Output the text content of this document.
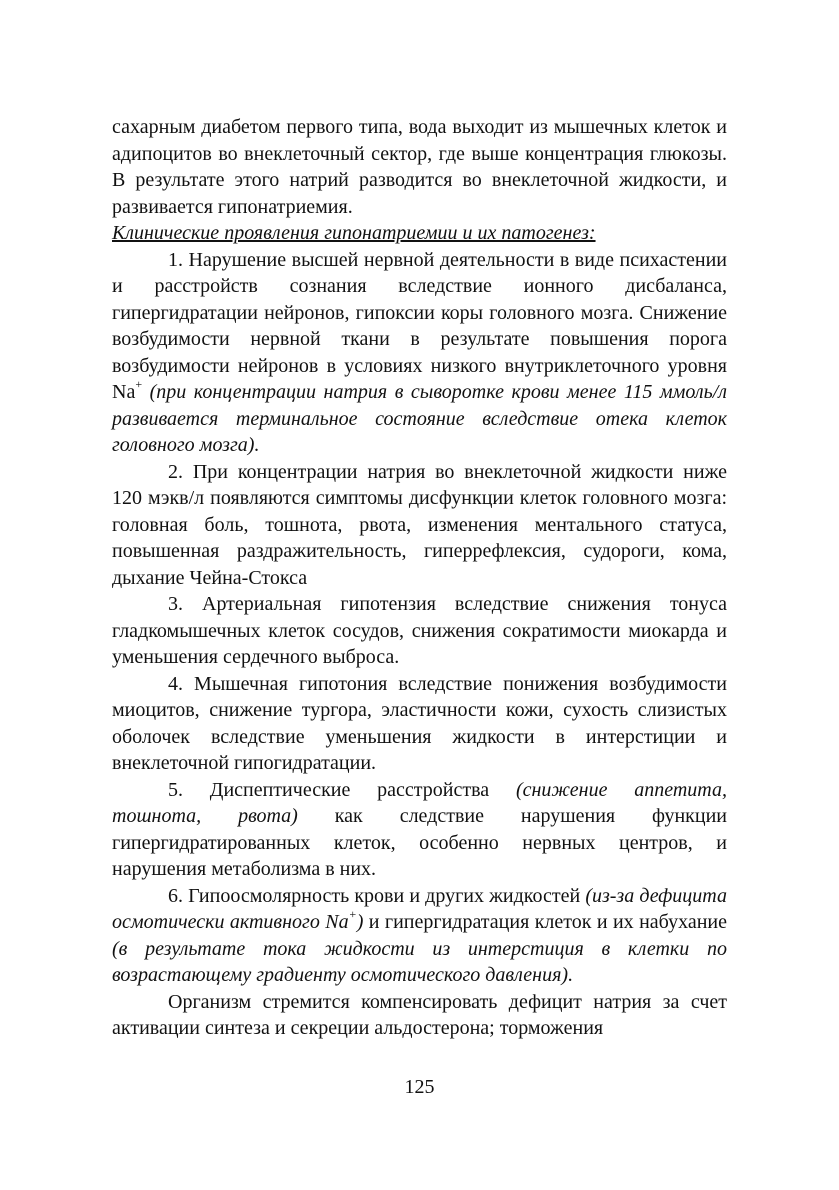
сахарным диабетом первого типа, вода выходит из мышечных клеток и адипоцитов во внеклеточный сектор, где выше концентрация глюкозы. В результате этого натрий разводится во внеклеточной жидкости, и развивается гипонатриемия.

Клинические проявления гипонатриемии и их патогенез:

1. Нарушение высшей нервной деятельности в виде психастении и расстройств сознания вследствие ионного дисбаланса, гипергидратации нейронов, гипоксии коры головного мозга. Снижение возбудимости нервной ткани в результате повышения порога возбудимости нейронов в условиях низкого внутриклеточного уровня Na+ (при концентрации натрия в сыворотке крови менее 115 ммоль/л развивается терминальное состояние вследствие отека клеток головного мозга).

2. При концентрации натрия во внеклеточной жидкости ниже 120 мэкв/л появляются симптомы дисфункции клеток головного мозга: головная боль, тошнота, рвота, изменения ментального статуса, повышенная раздражительность, гиперрефлексия, судороги, кома, дыхание Чейна-Стокса

3. Артериальная гипотензия вследствие снижения тонуса гладкомышечных клеток сосудов, снижения сократимости миокарда и уменьшения сердечного выброса.

4. Мышечная гипотония вследствие понижения возбудимости миоцитов, снижение тургора, эластичности кожи, сухость слизистых оболочек вследствие уменьшения жидкости в интерстиции и внеклеточной гипогидратации.

5. Диспептические расстройства (снижение аппетита, тошнота, рвота) как следствие нарушения функции гипергидратированных клеток, особенно нервных центров, и нарушения метаболизма в них.

6. Гипоосмолярность крови и других жидкостей (из-за дефицита осмотически активного Na+) и гипергидратация клеток и их набухание (в результате тока жидкости из интерстиция в клетки по возрастающему градиенту осмотического давления).

Организм стремится компенсировать дефицит натрия за счет активации синтеза и секреции альдостерона; торможения

125
